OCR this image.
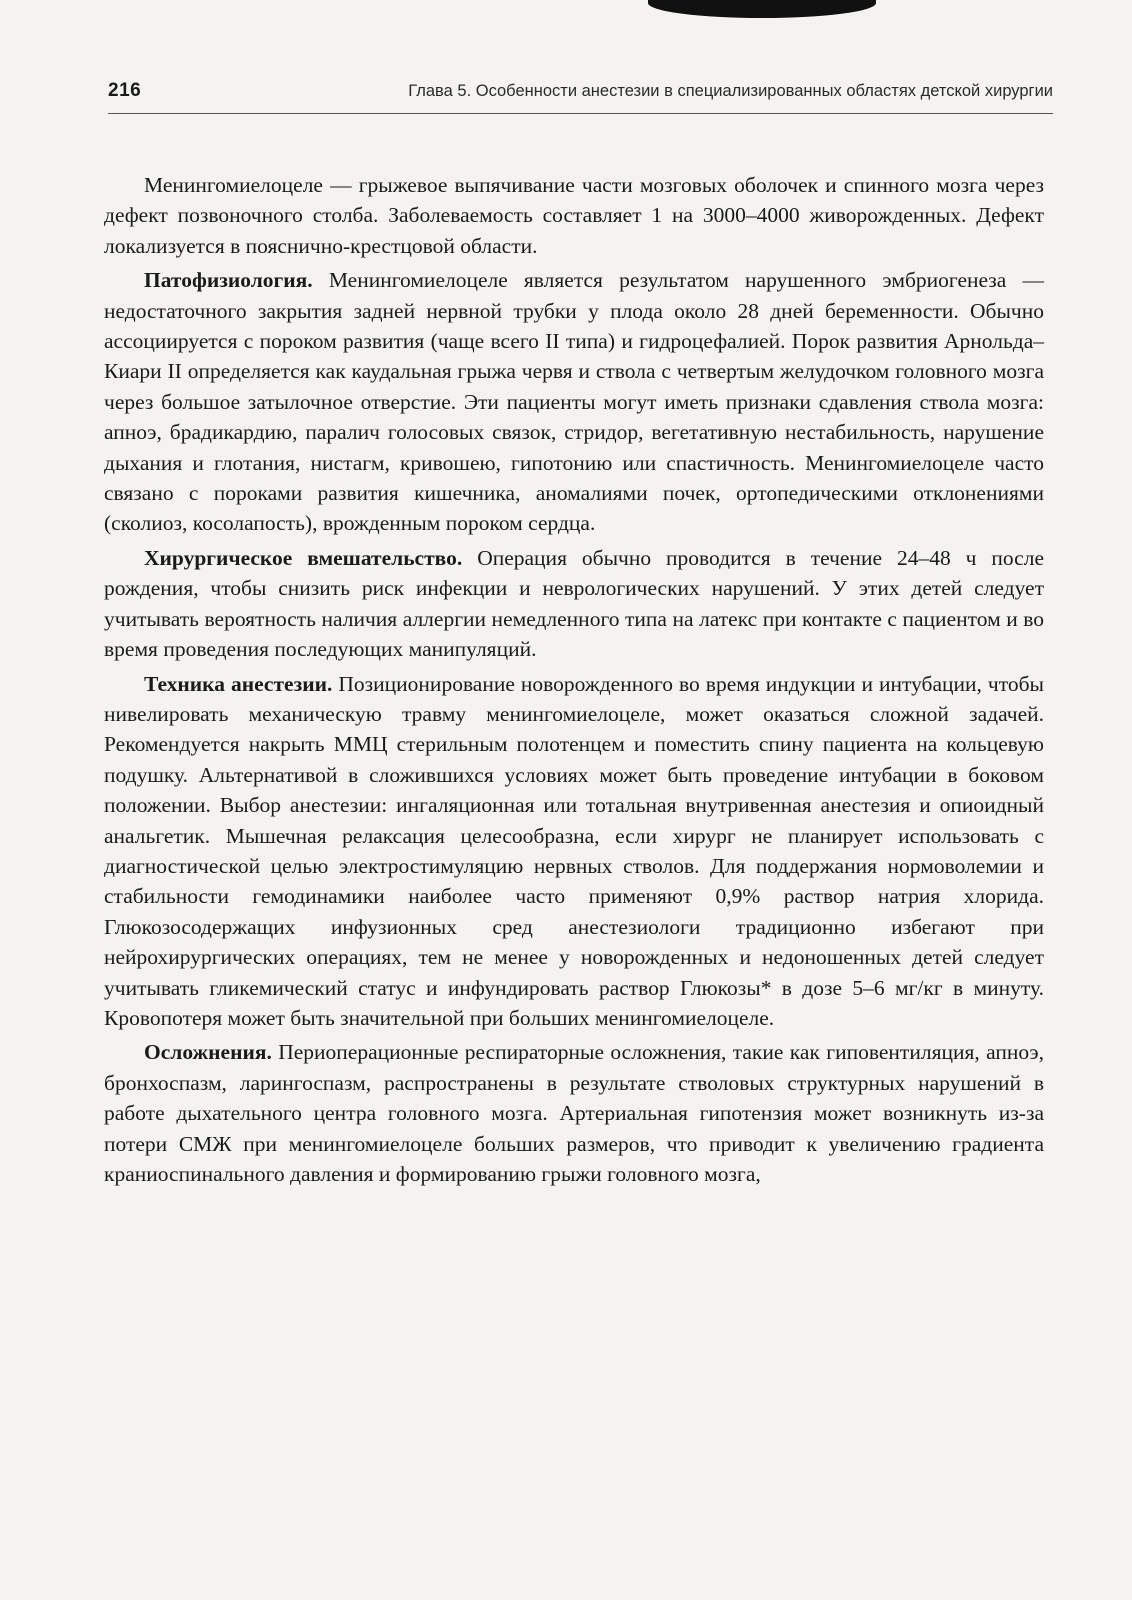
216	Глава 5. Особенности анестезии в специализированных областях детской хирургии

Менингомиелоцеле — грыжевое выпячивание части мозговых оболочек и спинного мозга через дефект позвоночного столба. Заболеваемость составляет 1 на 3000–4000 живорожденных. Дефект локализуется в пояснично-крестцовой области.

Патофизиология. Менингомиелоцеле является результатом нарушенного эмбриогенеза — недостаточного закрытия задней нервной трубки у плода около 28 дней беременности. Обычно ассоциируется с пороком развития (чаще всего II типа) и гидроцефалией. Порок развития Арнольда–Киари II определяется как каудальная грыжа червя и ствола с четвертым желудочком головного мозга через большое затылочное отверстие. Эти пациенты могут иметь признаки сдавления ствола мозга: апноэ, брадикардию, паралич голосовых связок, стридор, вегетативную нестабильность, нарушение дыхания и глотания, нистагм, кривошею, гипотонию или спастичность. Менингомиелоцеле часто связано с пороками развития кишечника, аномалиями почек, ортопедическими отклонениями (сколиоз, косолапость), врожденным пороком сердца.

Хирургическое вмешательство. Операция обычно проводится в течение 24–48 ч после рождения, чтобы снизить риск инфекции и неврологических нарушений. У этих детей следует учитывать вероятность наличия аллергии немедленного типа на латекс при контакте с пациентом и во время проведения последующих манипуляций.

Техника анестезии. Позиционирование новорожденного во время индукции и интубации, чтобы нивелировать механическую травму менингомиелоцеле, может оказаться сложной задачей. Рекомендуется накрыть ММЦ стерильным полотенцем и поместить спину пациента на кольцевую подушку. Альтернативой в сложившихся условиях может быть проведение интубации в боковом положении. Выбор анестезии: ингаляционная или тотальная внутривенная анестезия и опиоидный анальгетик. Мышечная релаксация целесообразна, если хирург не планирует использовать с диагностической целью электростимуляцию нервных стволов. Для поддержания нормоволемии и стабильности гемодинамики наиболее часто применяют 0,9% раствор натрия хлорида. Глюкозосодержащих инфузионных сред анестезиологи традиционно избегают при нейрохирургических операциях, тем не менее у новорожденных и недоношенных детей следует учитывать гликемический статус и инфундировать раствор Глюкозы* в дозе 5–6 мг/кг в минуту. Кровопотеря может быть значительной при больших менингомиелоцеле.

Осложнения. Периоперационные респираторные осложнения, такие как гиповентиляция, апноэ, бронхоспазм, ларингоспазм, распространены в результате стволовых структурных нарушений в работе дыхательного центра головного мозга. Артериальная гипотензия может возникнуть из-за потери СМЖ при менингомиелоцеле больших размеров, что приводит к увеличению градиента краниоспинального давления и формированию грыжи головного мозга,
